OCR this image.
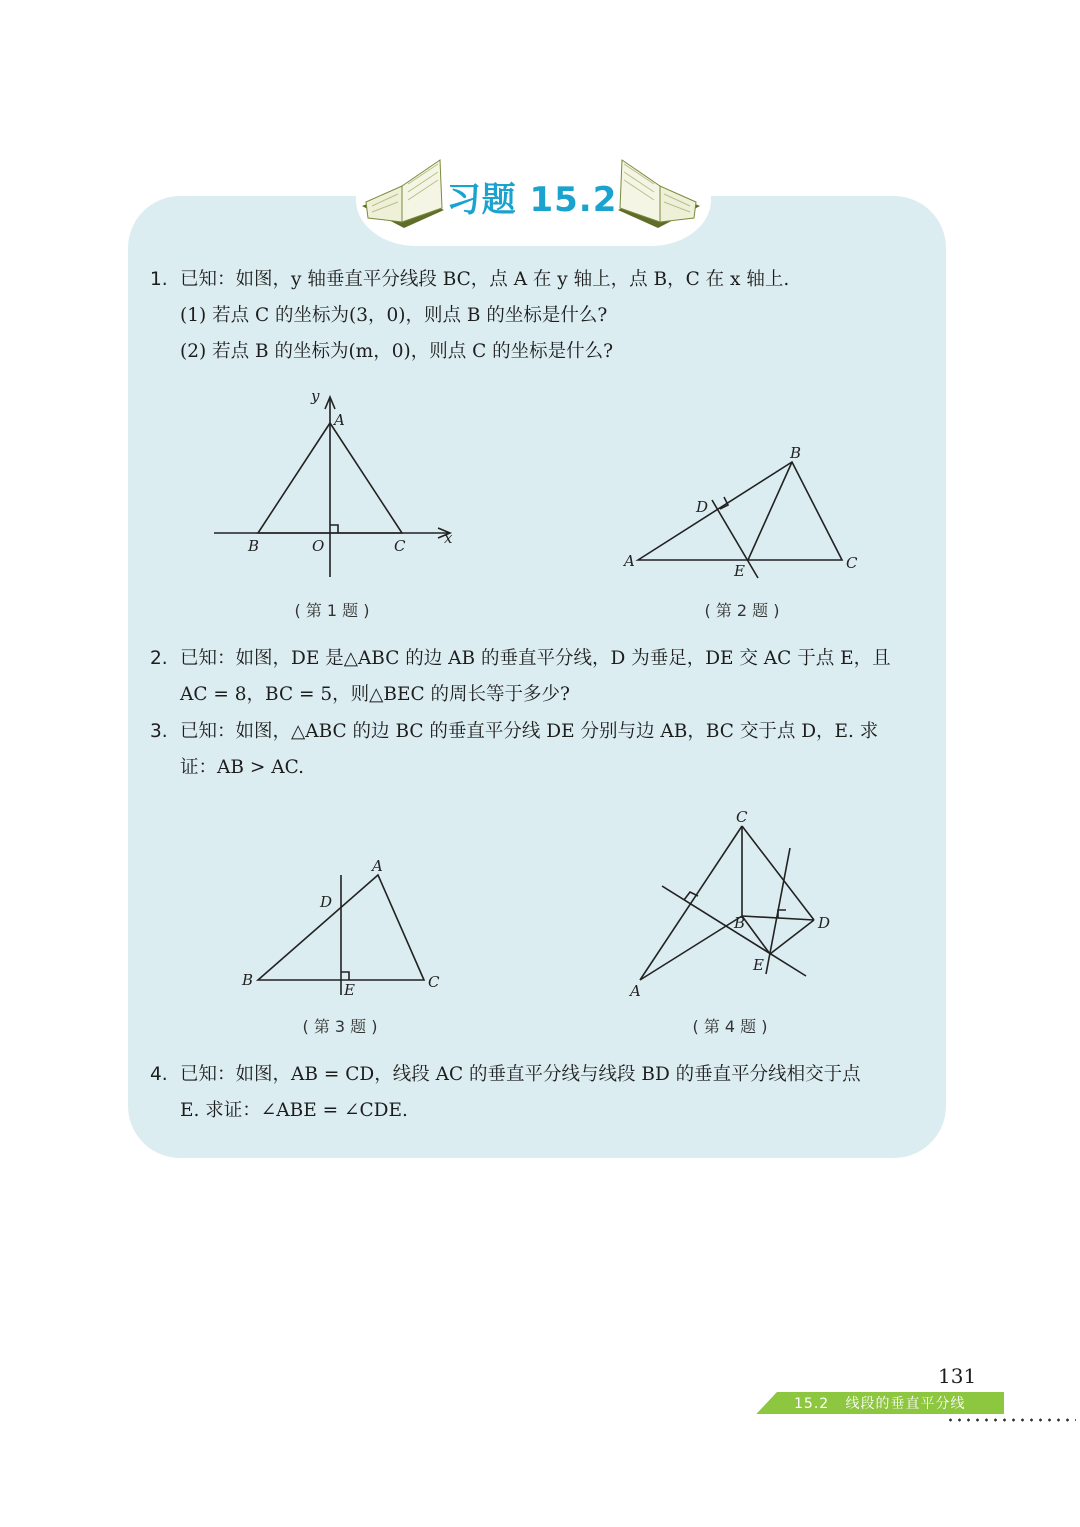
习题 15.2
1. 已知：如图，y 轴垂直平分线段 BC，点 A 在 y 轴上，点 B，C 在 x 轴上.
(1) 若点 C 的坐标为(3，0)，则点 B 的坐标是什么?
(2) 若点 B 的坐标为(m，0)，则点 C 的坐标是什么?
y
A
B	O	C	x
( 第 1 题 )
A
B
C
D
E
( 第 2 题 )
2. 已知：如图，DE 是△ABC 的边 AB 的垂直平分线，D 为垂足，DE 交 AC 于点 E，且
AC = 8，BC = 5，则△BEC 的周长等于多少?
3. 已知：如图，△ABC 的边 BC 的垂直平分线 DE 分别与边 AB，BC 交于点 D，E. 求
证：AB > AC.
A
B	C
D
E
( 第 3 题 )
C
A
B	D
E
( 第 4 题 )
4. 已知：如图，AB = CD，线段 AC 的垂直平分线与线段 BD 的垂直平分线相交于点
E. 求证：∠ABE = ∠CDE.
131
15.2   线段的垂直平分线
